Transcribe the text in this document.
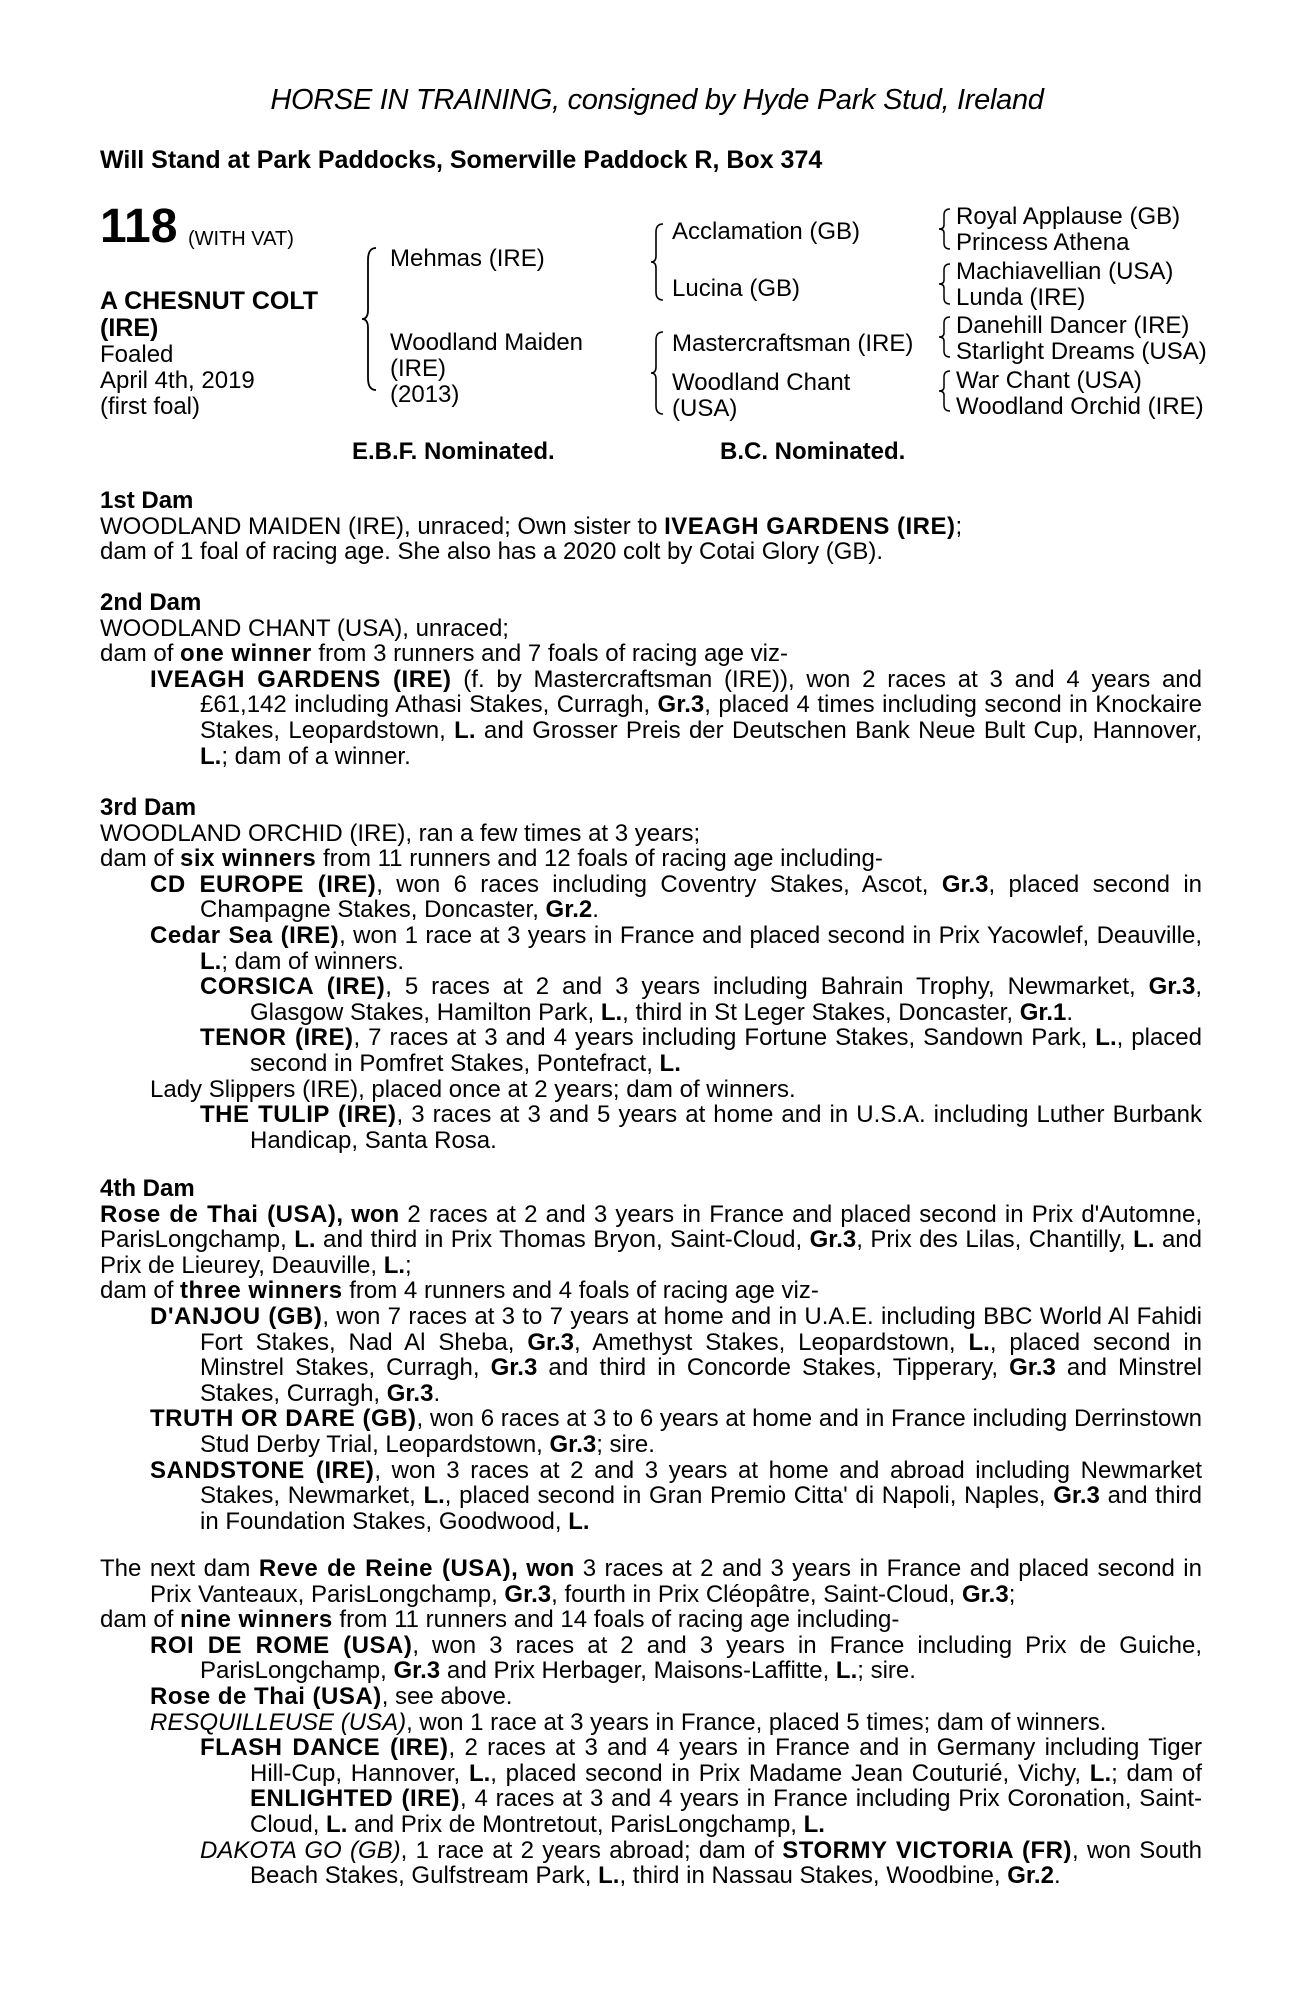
HORSE IN TRAINING, consigned by Hyde Park Stud, Ireland
Will Stand at Park Paddocks, Somerville Paddock R, Box 374
118 (WITH VAT)
A CHESNUT COLT
(IRE)
Foaled
April 4th, 2019
(first foal)
Mehmas (IRE)
Woodland Maiden
(IRE)
(2013)
Acclamation (GB)
Lucina (GB)
Mastercraftsman (IRE)
Woodland Chant
(USA)
Royal Applause (GB)
Princess Athena
Machiavellian (USA)
Lunda (IRE)
Danehill Dancer (IRE)
Starlight Dreams (USA)
War Chant (USA)
Woodland Orchid (IRE)
E.B.F. Nominated.	B.C. Nominated.

1st Dam

WOODLAND MAIDEN (IRE), unraced; Own sister to IVEAGH GARDENS (IRE);

dam of 1 foal of racing age. She also has a 2020 colt by Cotai Glory (GB).

2nd Dam

WOODLAND CHANT (USA), unraced;

dam of one winner from 3 runners and 7 foals of racing age viz-

IVEAGH GARDENS (IRE) (f. by Mastercraftsman (IRE)), won 2 races at 3 and 4 years and £61,142 including Athasi Stakes, Curragh, Gr.3, placed 4 times including second in Knockaire Stakes, Leopardstown, L. and Grosser Preis der Deutschen Bank Neue Bult Cup, Hannover, L.; dam of a winner.

3rd Dam

WOODLAND ORCHID (IRE), ran a few times at 3 years;

dam of six winners from 11 runners and 12 foals of racing age including-

CD EUROPE (IRE), won 6 races including Coventry Stakes, Ascot, Gr.3, placed second in Champagne Stakes, Doncaster, Gr.2.

Cedar Sea (IRE), won 1 race at 3 years in France and placed second in Prix Yacowlef, Deauville, L.; dam of winners.

CORSICA (IRE), 5 races at 2 and 3 years including Bahrain Trophy, Newmarket, Gr.3, Glasgow Stakes, Hamilton Park, L., third in St Leger Stakes, Doncaster, Gr.1.

TENOR (IRE), 7 races at 3 and 4 years including Fortune Stakes, Sandown Park, L., placed second in Pomfret Stakes, Pontefract, L.

Lady Slippers (IRE), placed once at 2 years; dam of winners.

THE TULIP (IRE), 3 races at 3 and 5 years at home and in U.S.A. including Luther Burbank Handicap, Santa Rosa.

4th Dam

Rose de Thai (USA), won 2 races at 2 and 3 years in France and placed second in Prix d'Automne, ParisLongchamp, L. and third in Prix Thomas Bryon, Saint-Cloud, Gr.3, Prix des Lilas, Chantilly, L. and Prix de Lieurey, Deauville, L.;

dam of three winners from 4 runners and 4 foals of racing age viz-

D'ANJOU (GB), won 7 races at 3 to 7 years at home and in U.A.E. including BBC World Al Fahidi Fort Stakes, Nad Al Sheba, Gr.3, Amethyst Stakes, Leopardstown, L., placed second in Minstrel Stakes, Curragh, Gr.3 and third in Concorde Stakes, Tipperary, Gr.3 and Minstrel Stakes, Curragh, Gr.3.

TRUTH OR DARE (GB), won 6 races at 3 to 6 years at home and in France including Derrinstown Stud Derby Trial, Leopardstown, Gr.3; sire.

SANDSTONE (IRE), won 3 races at 2 and 3 years at home and abroad including Newmarket Stakes, Newmarket, L., placed second in Gran Premio Citta' di Napoli, Naples, Gr.3 and third in Foundation Stakes, Goodwood, L.

The next dam Reve de Reine (USA), won 3 races at 2 and 3 years in France and placed second in Prix Vanteaux, ParisLongchamp, Gr.3, fourth in Prix Cléopâtre, Saint-Cloud, Gr.3;

dam of nine winners from 11 runners and 14 foals of racing age including-

ROI DE ROME (USA), won 3 races at 2 and 3 years in France including Prix de Guiche, ParisLongchamp, Gr.3 and Prix Herbager, Maisons-Laffitte, L.; sire.

Rose de Thai (USA), see above.

RESQUILLEUSE (USA), won 1 race at 3 years in France, placed 5 times; dam of winners.

FLASH DANCE (IRE), 2 races at 3 and 4 years in France and in Germany including Tiger Hill-Cup, Hannover, L., placed second in Prix Madame Jean Couturié, Vichy, L.; dam of ENLIGHTED (IRE), 4 races at 3 and 4 years in France including Prix Coronation, Saint-Cloud, L. and Prix de Montretout, ParisLongchamp, L.

DAKOTA GO (GB), 1 race at 2 years abroad; dam of STORMY VICTORIA (FR), won South Beach Stakes, Gulfstream Park, L., third in Nassau Stakes, Woodbine, Gr.2.
